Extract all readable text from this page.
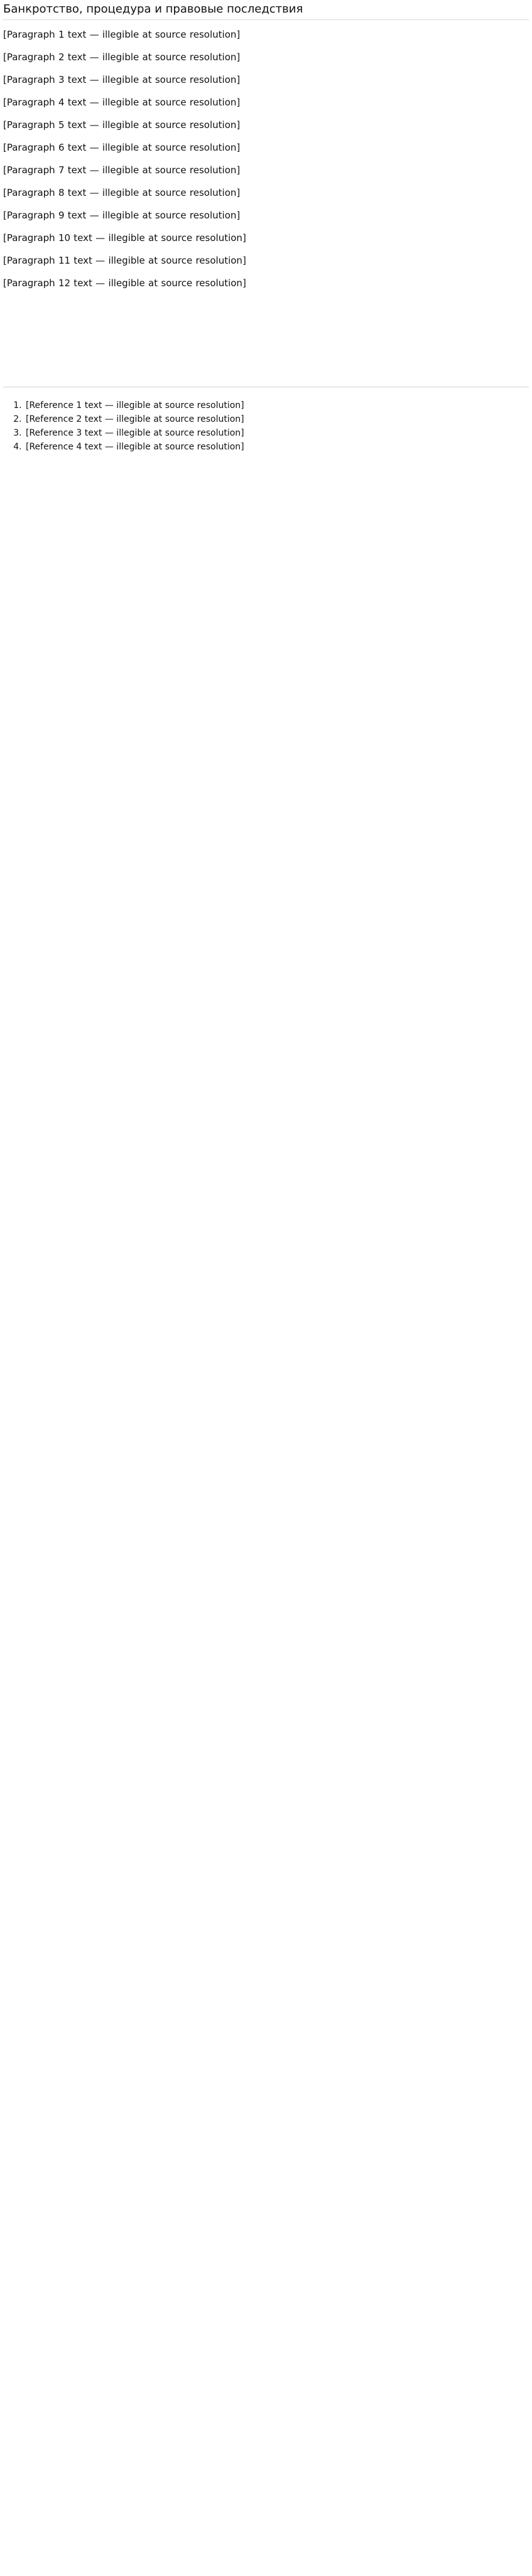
Банкротство, процедура и правовые последствия

[Paragraph 1 text — illegible at source resolution]

[Paragraph 2 text — illegible at source resolution]

[Paragraph 3 text — illegible at source resolution]

[Paragraph 4 text — illegible at source resolution]

[Paragraph 5 text — illegible at source resolution]

[Paragraph 6 text — illegible at source resolution]

[Paragraph 7 text — illegible at source resolution]

[Paragraph 8 text — illegible at source resolution]

[Paragraph 9 text — illegible at source resolution]

[Paragraph 10 text — illegible at source resolution]

[Paragraph 11 text — illegible at source resolution]

[Paragraph 12 text — illegible at source resolution]

1. [Reference 1 text — illegible at source resolution]
2. [Reference 2 text — illegible at source resolution]
3. [Reference 3 text — illegible at source resolution]
4. [Reference 4 text — illegible at source resolution]
